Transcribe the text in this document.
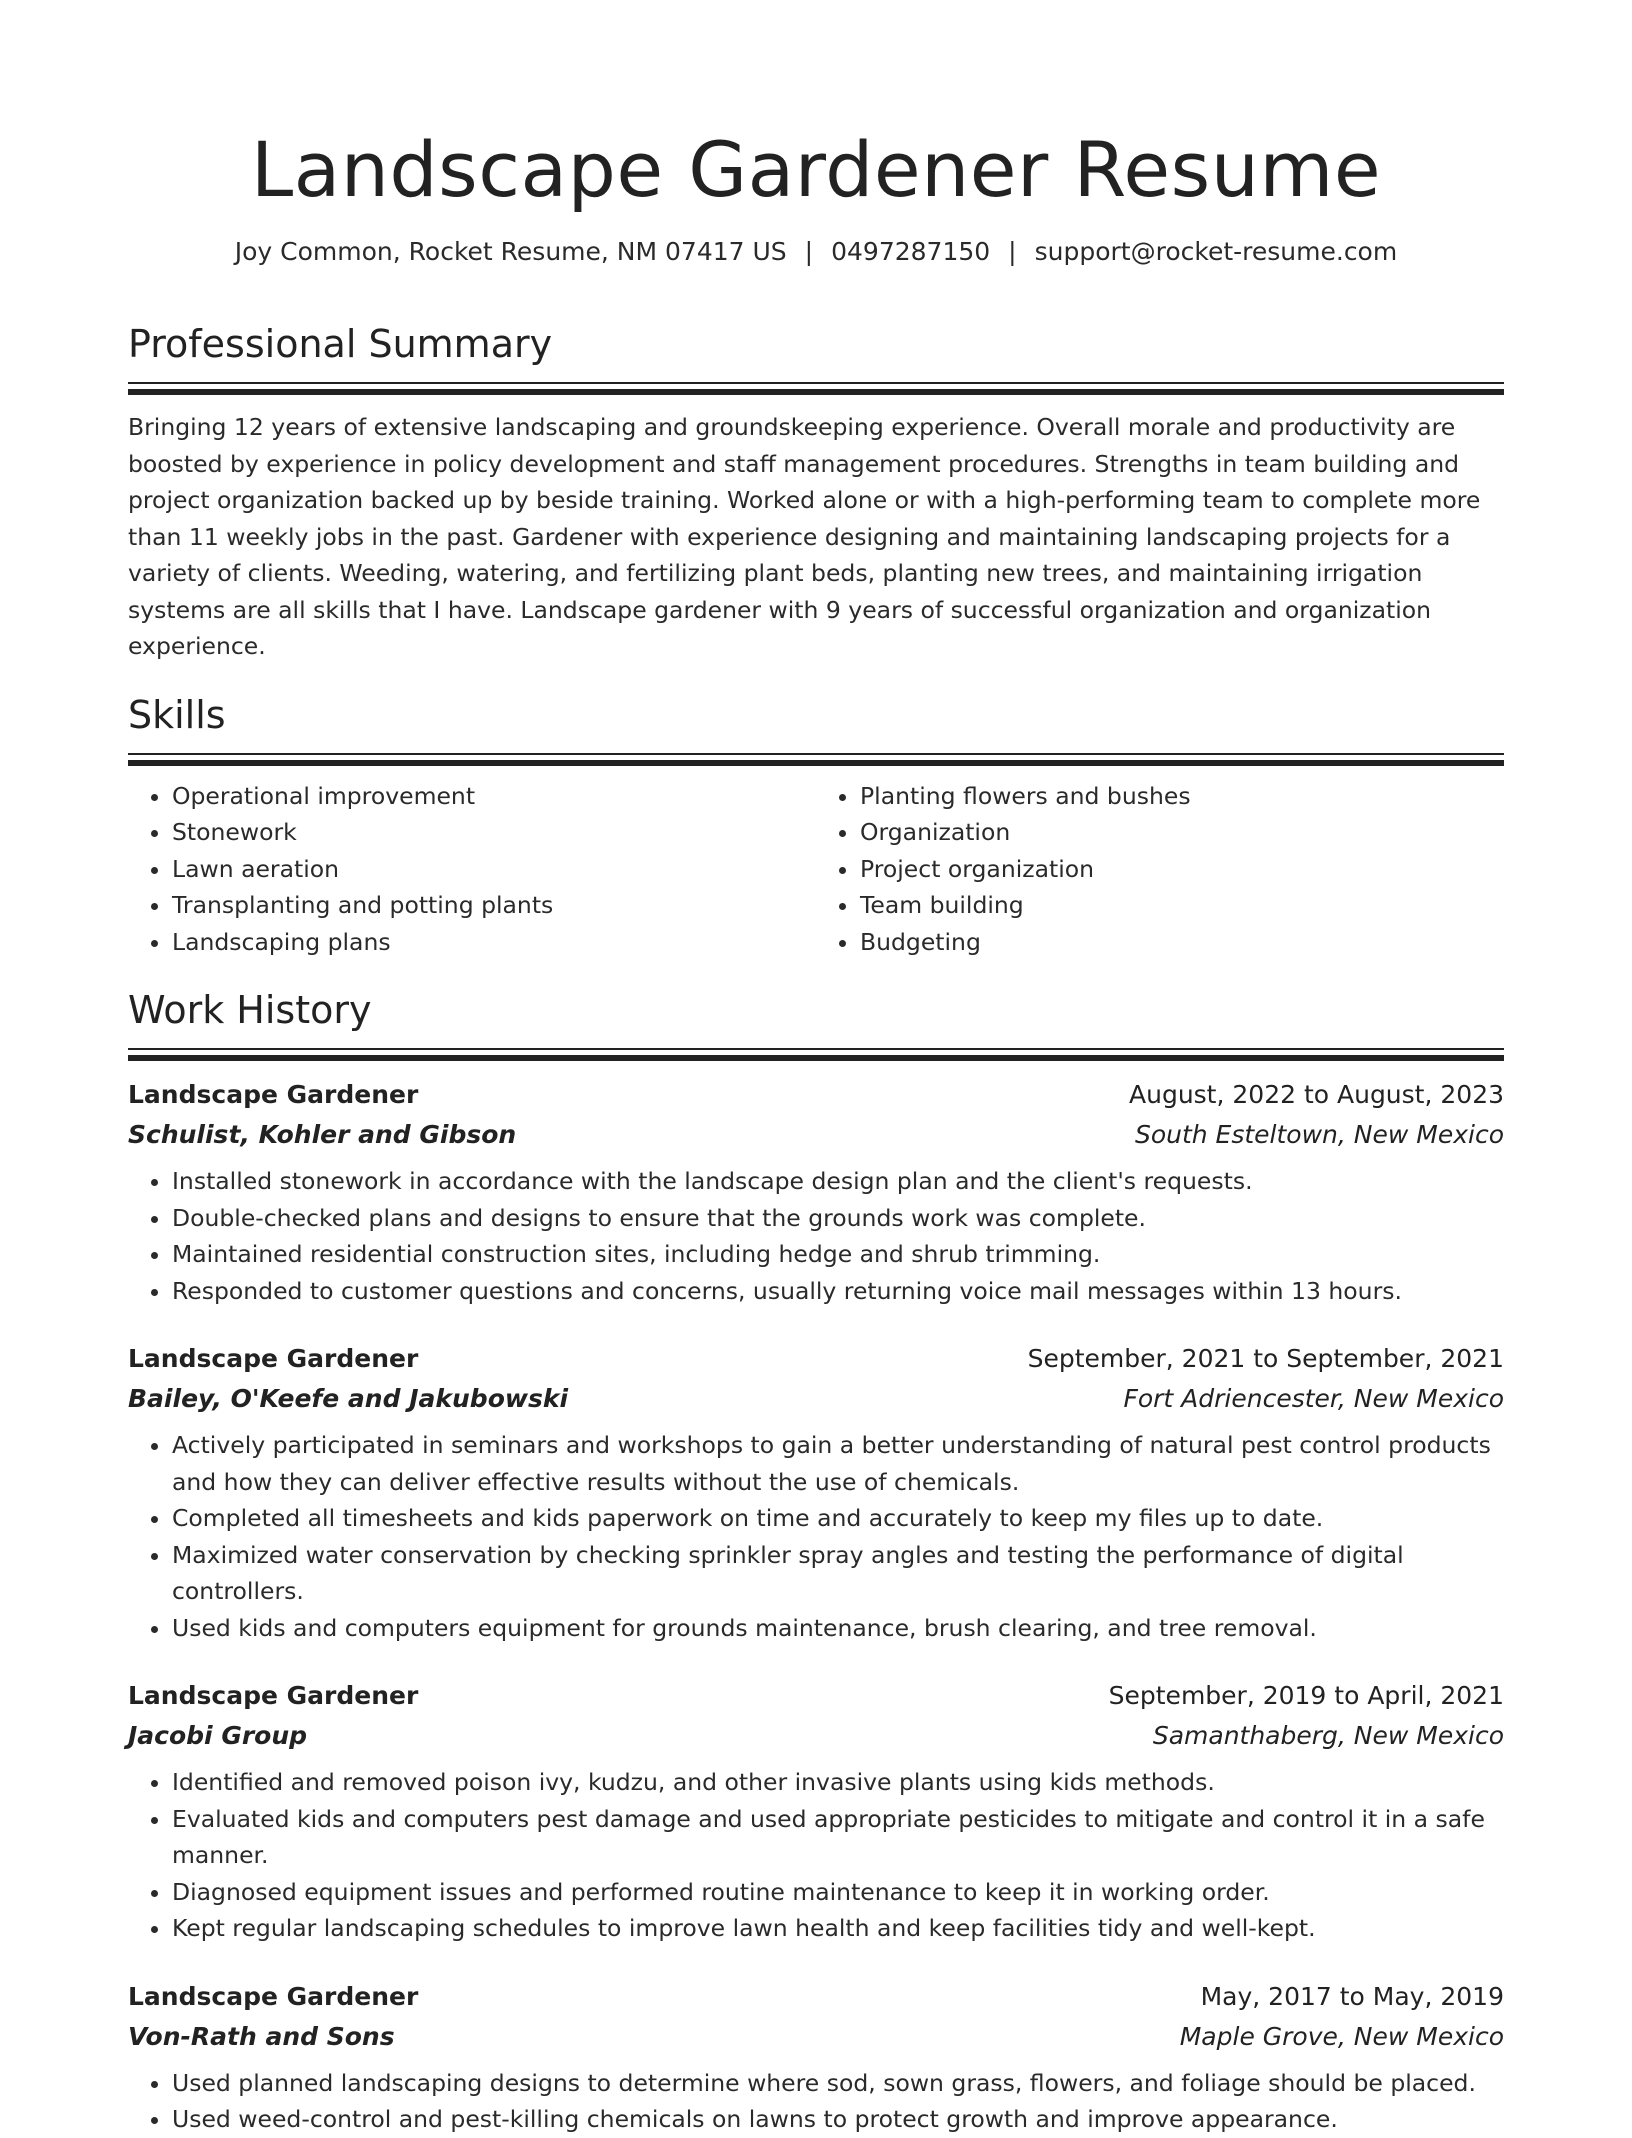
Landscape Gardener Resume
Joy Common, Rocket Resume, NM 07417 US | 0497287150 | support@rocket-resume.com
Professional Summary

Bringing 12 years of extensive landscaping and groundskeeping experience. Overall morale and productivity are boosted by experience in policy development and staff management procedures. Strengths in team building and project organization backed up by beside training. Worked alone or with a high-performing team to complete more than 11 weekly jobs in the past. Gardener with experience designing and maintaining landscaping projects for a variety of clients. Weeding, watering, and fertilizing plant beds, planting new trees, and maintaining irrigation systems are all skills that I have. Landscape gardener with 9 years of successful organization and organization experience.

Skills
• Operational improvement
• Stonework
• Lawn aeration
• Transplanting and potting plants
• Landscaping plans
• Planting flowers and bushes
• Organization
• Project organization
• Team building
• Budgeting
Work History
Landscape Gardener	August, 2022 to August, 2023
Schulist, Kohler and Gibson	South Esteltown, New Mexico
• Installed stonework in accordance with the landscape design plan and the client's requests.
• Double-checked plans and designs to ensure that the grounds work was complete.
• Maintained residential construction sites, including hedge and shrub trimming.
• Responded to customer questions and concerns, usually returning voice mail messages within 13 hours.
Landscape Gardener	September, 2021 to September, 2021
Bailey, O'Keefe and Jakubowski	Fort Adriencester, New Mexico
• Actively participated in seminars and workshops to gain a better understanding of natural pest control products and how they can deliver effective results without the use of chemicals.
• Completed all timesheets and kids paperwork on time and accurately to keep my files up to date.
• Maximized water conservation by checking sprinkler spray angles and testing the performance of digital controllers.
• Used kids and computers equipment for grounds maintenance, brush clearing, and tree removal.
Landscape Gardener	September, 2019 to April, 2021
Jacobi Group	Samanthaberg, New Mexico
• Identified and removed poison ivy, kudzu, and other invasive plants using kids methods.
• Evaluated kids and computers pest damage and used appropriate pesticides to mitigate and control it in a safe manner.
• Diagnosed equipment issues and performed routine maintenance to keep it in working order.
• Kept regular landscaping schedules to improve lawn health and keep facilities tidy and well-kept.
Landscape Gardener	May, 2017 to May, 2019
Von-Rath and Sons	Maple Grove, New Mexico
• Used planned landscaping designs to determine where sod, sown grass, flowers, and foliage should be placed.
• Used weed-control and pest-killing chemicals on lawns to protect growth and improve appearance.
